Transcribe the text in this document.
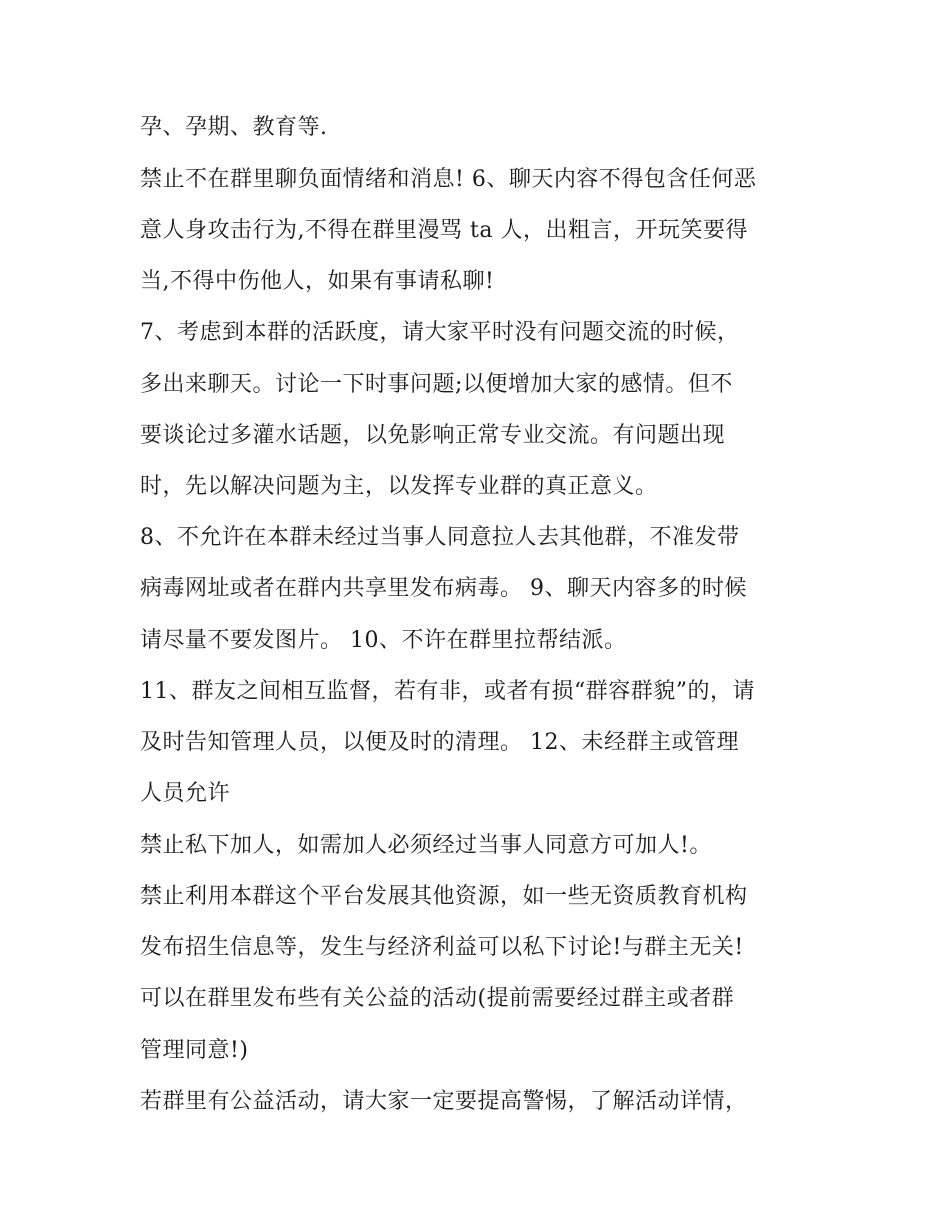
孕、孕期、教育等.
禁止不在群里聊负面情绪和消息! 6、聊天内容不得包含任何恶
意人身攻击行为,不得在群里漫骂 ta 人，出粗言，开玩笑要得
当,不得中伤他人，如果有事请私聊!
7、考虑到本群的活跃度，请大家平时没有问题交流的时候，
多出来聊天。讨论一下时事问题;以便增加大家的感情。但不
要谈论过多灌水话题，以免影响正常专业交流。有问题出现
时，先以解决问题为主，以发挥专业群的真正意义。
8、不允许在本群未经过当事人同意拉人去其他群，不准发带
病毒网址或者在群内共享里发布病毒。 9、聊天内容多的时候
请尽量不要发图片。 10、不许在群里拉帮结派。
11、群友之间相互监督，若有非，或者有损“群容群貌”的，请
及时告知管理人员，以便及时的清理。 12、未经群主或管理
人员允许
禁止私下加人，如需加人必须经过当事人同意方可加人!。
禁止利用本群这个平台发展其他资源，如一些无资质教育机构
发布招生信息等，发生与经济利益可以私下讨论!与群主无关!
可以在群里发布些有关公益的活动(提前需要经过群主或者群
管理同意!)
若群里有公益活动，请大家一定要提高警惕，了解活动详情，
